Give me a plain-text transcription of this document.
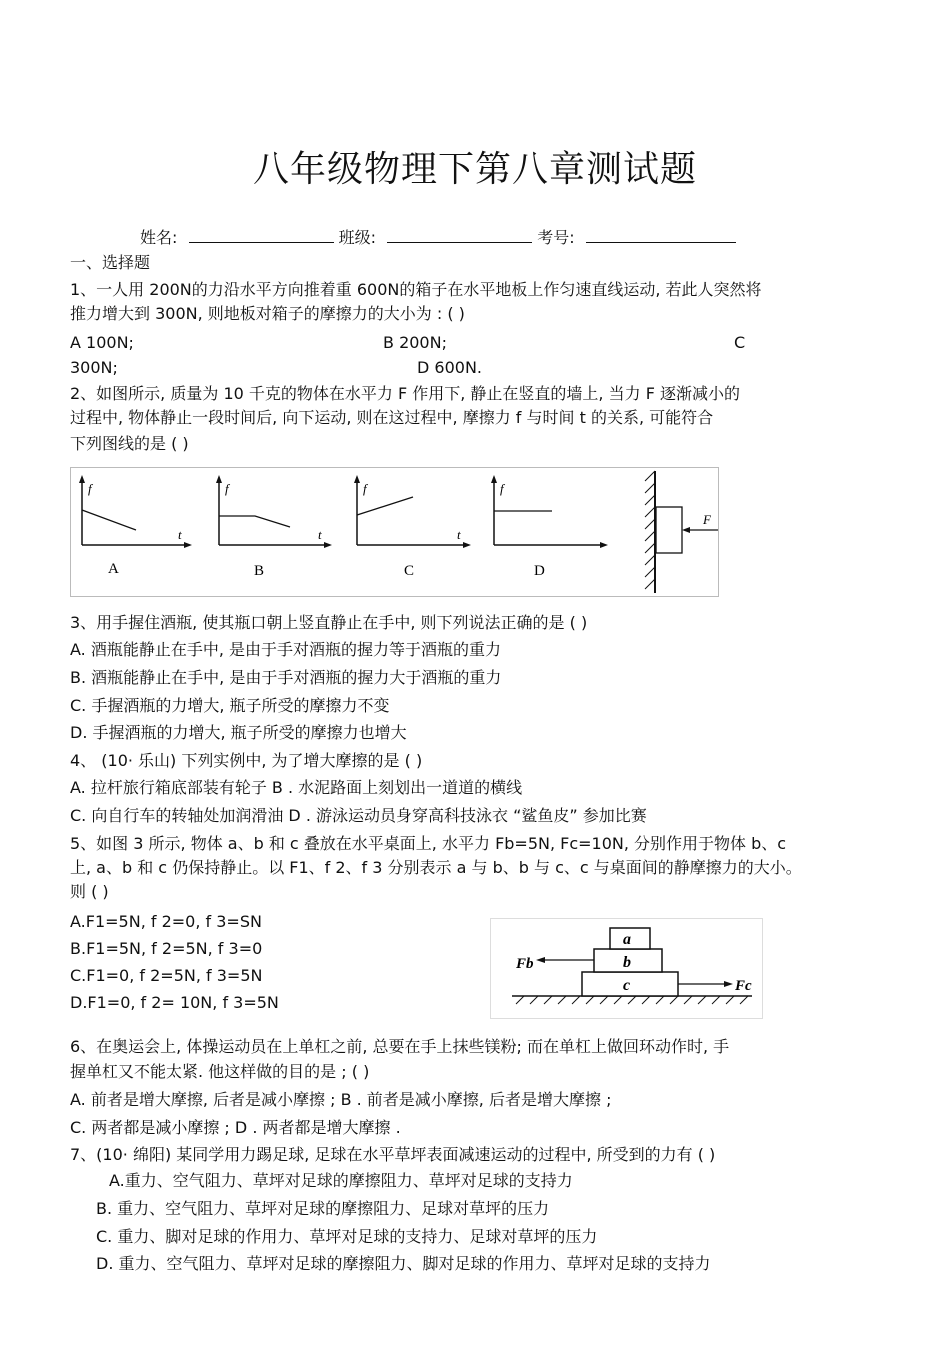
八年级物理下第八章测试题
姓名:	班级:	考号:
一、选择题
1、一人用 200N的力沿水平方向推着重 600N的箱子在水平地板上作匀速直线运动, 若此人突然将
推力增大到 300N, 则地板对箱子的摩擦力的大小为 : ( )
A 100N;	B 200N;	C
300N;	D 600N.
2、如图所示, 质量为 10 千克的物体在水平力 F 作用下, 静止在竖直的墙上, 当力 F 逐渐减小的
过程中, 物体静止一段时间后, 向下运动, 则在这过程中, 摩擦力 f 与时间 t 的关系, 可能符合
下列图线的是 ( )
f
t
A
f
t
B
f
t
C
f
D
F
3、用手握住酒瓶, 使其瓶口朝上竖直静止在手中, 则下列说法正确的是 ( )
A. 酒瓶能静止在手中, 是由于手对酒瓶的握力等于酒瓶的重力
B. 酒瓶能静止在手中, 是由于手对酒瓶的握力大于酒瓶的重力
C. 手握酒瓶的力增大, 瓶子所受的摩擦力不变
D. 手握酒瓶的力增大, 瓶子所受的摩擦力也增大
4、 (10· 乐山) 下列实例中, 为了增大摩擦的是 ( )
A. 拉杆旅行箱底部装有轮子 B . 水泥路面上刻划出一道道的横线
C. 向自行车的转轴处加润滑油 D . 游泳运动员身穿高科技泳衣 “鲨鱼皮” 参加比赛
5、如图 3 所示, 物体 a、b 和 c 叠放在水平桌面上, 水平力 Fb=5N, Fc=10N, 分别作用于物体 b、c
上, a、b 和 c 仍保持静止。以 F1、f 2、f 3 分别表示 a 与 b、b 与 c、c 与桌面间的静摩擦力的大小。
则 ( )
A.F1=5N, f 2=0, f 3=SN
B.F1=5N, f 2=5N, f 3=0
C.F1=0, f 2=5N, f 3=5N
D.F1=0, f 2= 10N, f 3=5N
a
b
c
Fb
Fc
6、在奥运会上, 体操运动员在上单杠之前, 总要在手上抹些镁粉; 而在单杠上做回环动作时, 手
握单杠又不能太紧. 他这样做的目的是 ; ( )
A. 前者是增大摩擦, 后者是减小摩擦 ; B . 前者是减小摩擦, 后者是增大摩擦 ;
C. 两者都是减小摩擦 ; D . 两者都是增大摩擦 .
7、(10· 绵阳) 某同学用力踢足球, 足球在水平草坪表面减速运动的过程中, 所受到的力有 ( )
A.重力、空气阻力、草坪对足球的摩擦阻力、草坪对足球的支持力
B. 重力、空气阻力、草坪对足球的摩擦阻力、足球对草坪的压力
C. 重力、脚对足球的作用力、草坪对足球的支持力、足球对草坪的压力
D. 重力、空气阻力、草坪对足球的摩擦阻力、脚对足球的作用力、草坪对足球的支持力
